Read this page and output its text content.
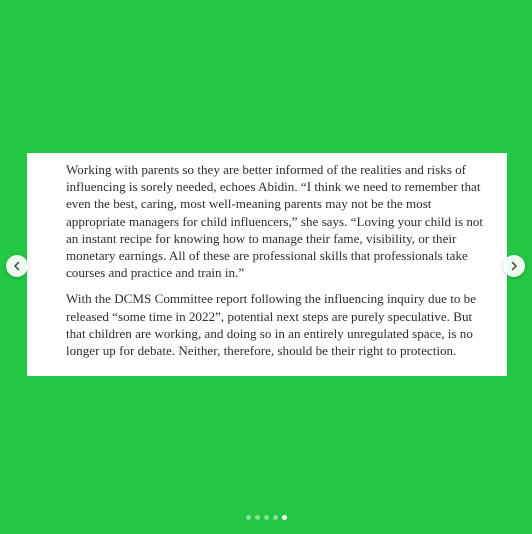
Working with parents so they are better informed of the realities and risks of influencing is sorely needed, echoes Abidin. “I think we need to remember that even the best, caring, most well-meaning parents may not be the most appropriate managers for child influencers,” she says. “Loving your child is not an instant recipe for knowing how to manage their fame, visibility, or their monetary earnings. All of these are professional skills that professionals take courses and practice and train in.”

With the DCMS Committee report following the influencing inquiry due to be released “some time in 2022”, potential next steps are purely speculative. But that children are working, and doing so in an entirely unregulated space, is no longer up for debate. Neither, therefore, should be their right to protection.
